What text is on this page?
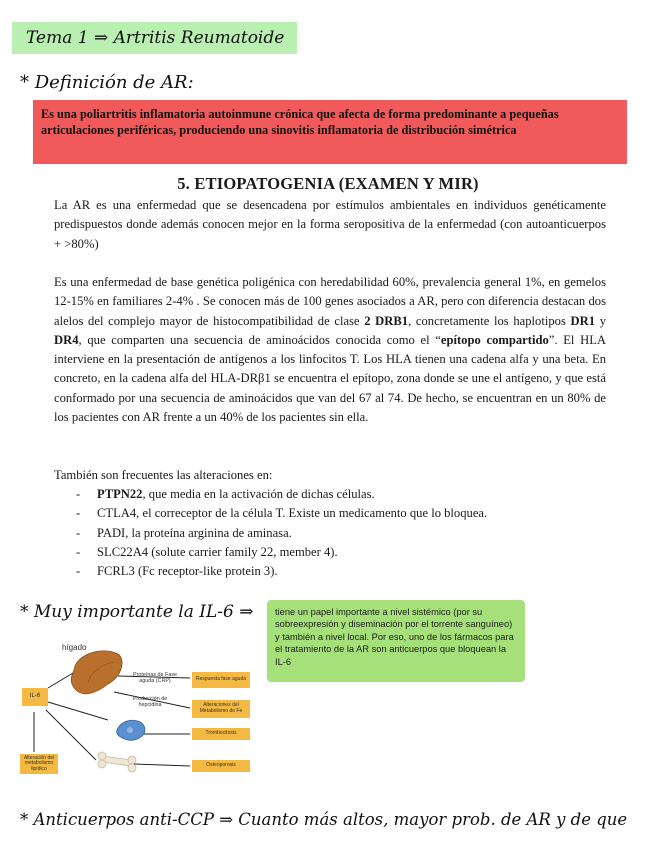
Tema 1 ⇒ Artritis Reumatoide
* Definición de AR:
Es una poliartritis inflamatoria autoinmune crónica que afecta de forma predominante a pequeñas articulaciones periféricas, produciendo una sinovitis inflamatoria de distribución simétrica
5. ETIOPATOGENIA (EXAMEN Y MIR)
La AR es una enfermedad que se desencadena por estímulos ambientales en individuos genéticamente predispuestos donde además conocen mejor en la forma seropositiva de la enfermedad (con autoanticuerpos + >80%)
Es una enfermedad de base genética poligénica con heredabilidad 60%, prevalencia general 1%, en gemelos 12-15% en familiares 2-4% . Se conocen más de 100 genes asociados a AR, pero con diferencia destacan dos alelos del complejo mayor de histocompatibilidad de clase 2 DRB1, concretamente los haplotipos DR1 y DR4, que comparten una secuencia de aminoácidos conocida como el “epítopo compartido”. El HLA interviene en la presentación de antígenos a los linfocitos T. Los HLA tienen una cadena alfa y una beta. En concreto, en la cadena alfa del HLA-DRβ1 se encuentra el epítopo, zona donde se une el antígeno, y que está conformado por una secuencia de aminoácidos que van del 67 al 74. De hecho, se encuentran en un 80% de los pacientes con AR frente a un 40% de los pacientes sin ella.
También son frecuentes las alteraciones en:
- PTPN22, que media en la activación de dichas células.
- CTLA4, el correceptor de la célula T. Existe un medicamento que lo bloquea.
- PADI, la proteína arginina de aminasa.
- SLC22A4 (solute carrier family 22, member 4).
- FCRL3 (Fc receptor-like protein 3).
* Muy importante la IL-6 ⇒	tiene un papel importante a nivel sistémico (por su sobreexpresión y diseminación por el torrente sanguíneo) y también a nivel local. Por eso, uno de los fármacos para el tratamiento de la AR son anticuerpos que bloquean la IL-6
hígado
IL-6
Alteración del metabolismo lipídico
Proteínas de Fase aguda (CRP)
Producción de hepcidina
Respuesta fase aguda
Alteraciones del Metabolismo de Fe
Trombocitosis
Osteoporosis
* Anticuerpos anti-CCP ⇒ Cuanto más altos, mayor prob. de AR y de que
